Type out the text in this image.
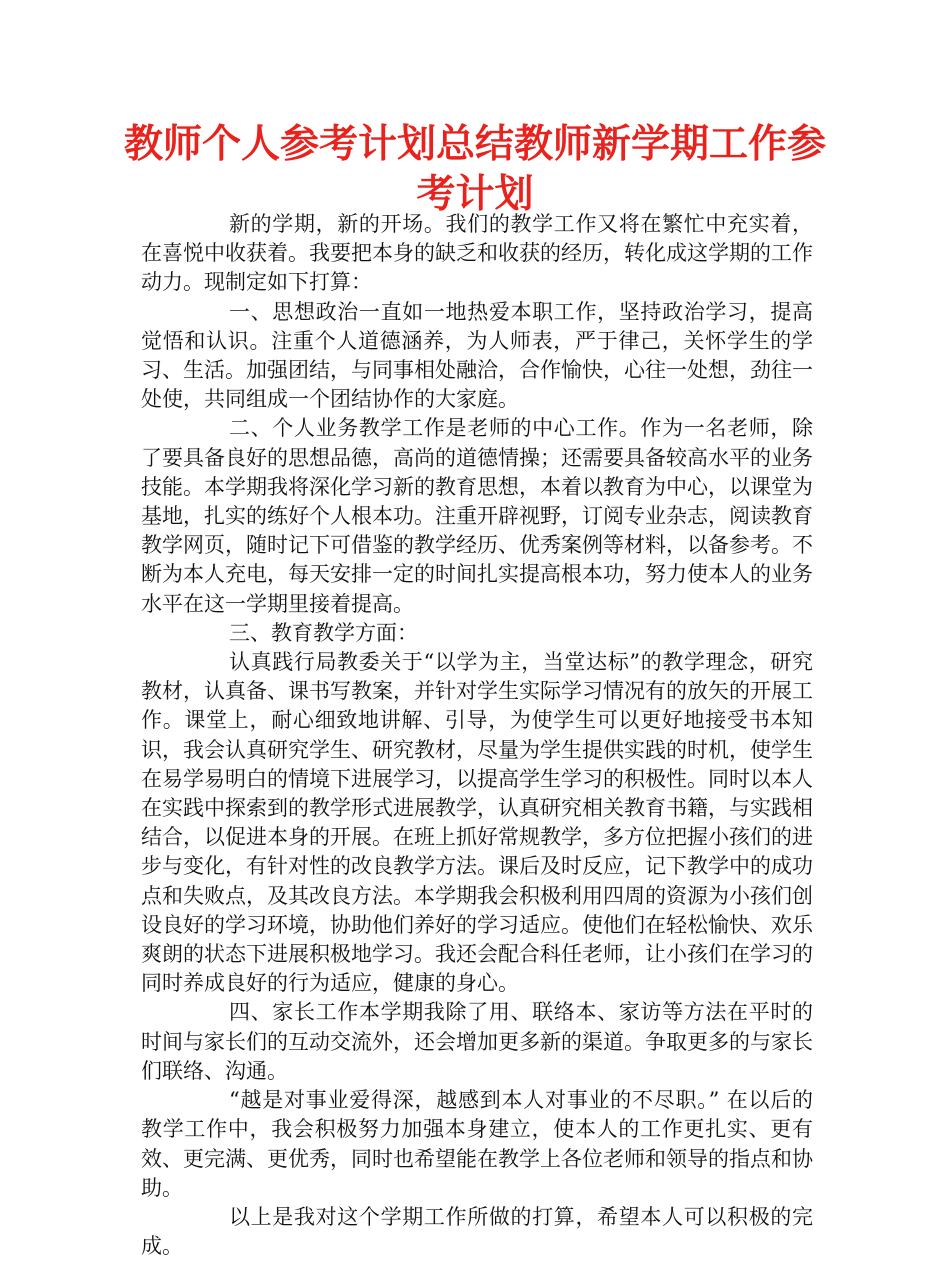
教师个人参考计划总结教师新学期工作参考计划

新的学期，新的开场。我们的教学工作又将在繁忙中充实着，在喜悦中收获着。我要把本身的缺乏和收获的经历，转化成这学期的工作动力。现制定如下打算：

一、思想政治一直如一地热爱本职工作，坚持政治学习，提高觉悟和认识。注重个人道德涵养，为人师表，严于律己，关怀学生的学习、生活。加强团结，与同事相处融洽，合作愉快，心往一处想，劲往一处使，共同组成一个团结协作的大家庭。

二、个人业务教学工作是老师的中心工作。作为一名老师，除了要具备良好的思想品德，高尚的道德情操；还需要具备较高水平的业务技能。本学期我将深化学习新的教育思想，本着以教育为中心，以课堂为基地，扎实的练好个人根本功。注重开辟视野，订阅专业杂志，阅读教育教学网页，随时记下可借鉴的教学经历、优秀案例等材料，以备参考。不断为本人充电，每天安排一定的时间扎实提高根本功，努力使本人的业务水平在这一学期里接着提高。

三、教育教学方面：

认真践行局教委关于“以学为主，当堂达标”的教学理念，研究教材，认真备、课书写教案，并针对学生实际学习情况有的放矢的开展工作。课堂上，耐心细致地讲解、引导，为使学生可以更好地接受书本知识，我会认真研究学生、研究教材，尽量为学生提供实践的时机，使学生在易学易明白的情境下进展学习，以提高学生学习的积极性。同时以本人在实践中探索到的教学形式进展教学，认真研究相关教育书籍，与实践相结合，以促进本身的开展。在班上抓好常规教学，多方位把握小孩们的进步与变化，有针对性的改良教学方法。课后及时反应，记下教学中的成功点和失败点，及其改良方法。本学期我会积极利用四周的资源为小孩们创设良好的学习环境，协助他们养好的学习适应。使他们在轻松愉快、欢乐爽朗的状态下进展积极地学习。我还会配合科任老师，让小孩们在学习的同时养成良好的行为适应，健康的身心。

四、家长工作本学期我除了用、联络本、家访等方法在平时的时间与家长们的互动交流外，还会增加更多新的渠道。争取更多的与家长们联络、沟通。

“越是对事业爱得深，越感到本人对事业的不尽职。” 在以后的教学工作中，我会积极努力加强本身建立，使本人的工作更扎实、更有效、更完满、更优秀，同时也希望能在教学上各位老师和领导的指点和协助。

以上是我对这个学期工作所做的打算，希望本人可以积极的完成。
